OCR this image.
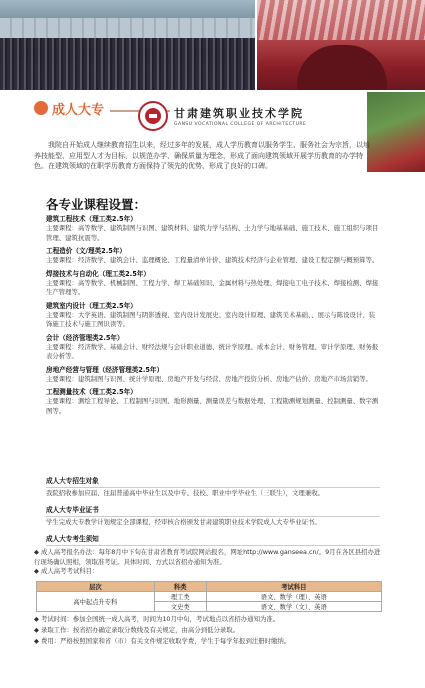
成人大专	甘肃建筑职业技术学院
GANSU VOCATIONAL COLLEGE OF ARCHITECTURE

我院自开始成人继续教育招生以来，经过多年的发展，成人学历教育以服务学生、服务社会为宗旨，以培养技能型、应用型人才为目标，以规范办学、确保质量为理念，形成了面向建筑领域开展学历教育的办学特色。在建筑领域的在职学历教育方面保持了领先的优势，形成了良好的口碑。

各专业课程设置：
建筑工程技术（理工类2.5年）
主要课程：高等数学、建筑制图与识图、建筑材料、建筑力学与结构、土力学与地基基础、施工技术、施工组织与项目管理、建筑抗震等。
工程造价（文/理类2.5年）
主要课程：经济数学、建筑会计、监理概论、工程量清单计价、建筑技术经济与企业管理、建设工程定额与概预算等。
焊接技术与自动化（理工类2.5年）
主要课程：高等数学、机械制图、工程力学、焊工基础知识、金属材料与热处理、焊接电工电子技术、焊接检测、焊接生产管理等。
建筑室内设计（理工类2.5年）
主要课程：大学英语、建筑制图与阴影透视、室内设计发展史、室内设计原理、建筑美术基础、、展示与陈设设计、装饰施工技术与施工图识读等。
会计（经济管理类2.5年）
主要课程：经济数学、基础会计、财经法规与会计职业道德、统计学原理、成本会计、财务管理、审计学原理、财务报表分析等。
房地产经营与管理（经济管理类2.5年）
主要课程：建筑制图与识图、统计学原理、房地产开发与经营、房地产投资分析、房地产估价、房地产市场营销等。
工程测量技术（理工类2.5年）
主要课程：测绘工程导论、工程制图与识图、地形测量、测量误差与数据处理、工程勘测规划测量、控制测量、数字测图等。
成人大专招生对象
我院招收参加应届、往届普通高中毕业生以及中专、技校、职业中学毕业生（三联生），文理兼收。
成人大专毕业证书
学生完成大专教学计划规定全部课程，经审核合格颁发甘肃建筑职业技术学院成人大专毕业证书。
成人大专考生须知
◆ 成人高考报名办法：每年8月中下旬在甘肃省教育考试院网站报名，网址http://www.ganseea.cn/。9月在各区县招办进行现场确认照相，领取准考证。具体时间、方式以省招办通知为准。
◆ 成人高考考试科目：
层次	科类	考试科目
高中起点升专科	理工类	语文、数学（理）、英语
	文史类	语文、数学（文）、英语
◆ 考试时间：参加全国统一成人高考，时间为10月中旬，考试地点以省招办通知为准。
◆ 录取工作：按省招办确定录取分数线及有关规定，由高分到低分录取。
◆ 费用：严格按照国家和省（市）有关文件规定收取学费，学生于每学年报到注册时缴纳。
